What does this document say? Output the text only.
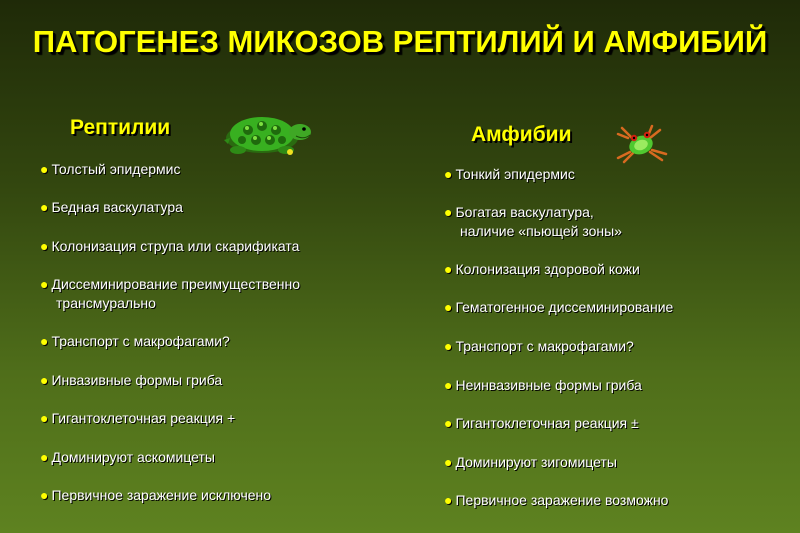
ПАТОГЕНЕЗ МИКОЗОВ РЕПТИЛИЙ И АМФИБИЙ
Рептилии	Амфибии
● Толстый эпидермис
● Бедная васкулатура
● Колонизация струпа или скарификата
● Диссеминирование преимущественно
трансмурально
● Транспорт с макрофагами?
● Инвазивные формы гриба
● Гигантоклеточная реакция +
● Доминируют аскомицеты
● Первичное заражение исключено
● Тонкий эпидермис
● Богатая васкулатура,
наличие «пьющей зоны»
● Колонизация здоровой кожи
● Гематогенное диссеминирование
● Транспорт с макрофагами?
● Неинвазивные формы гриба
● Гигантоклеточная реакция ±
● Доминируют зигомицеты
● Первичное заражение возможно
